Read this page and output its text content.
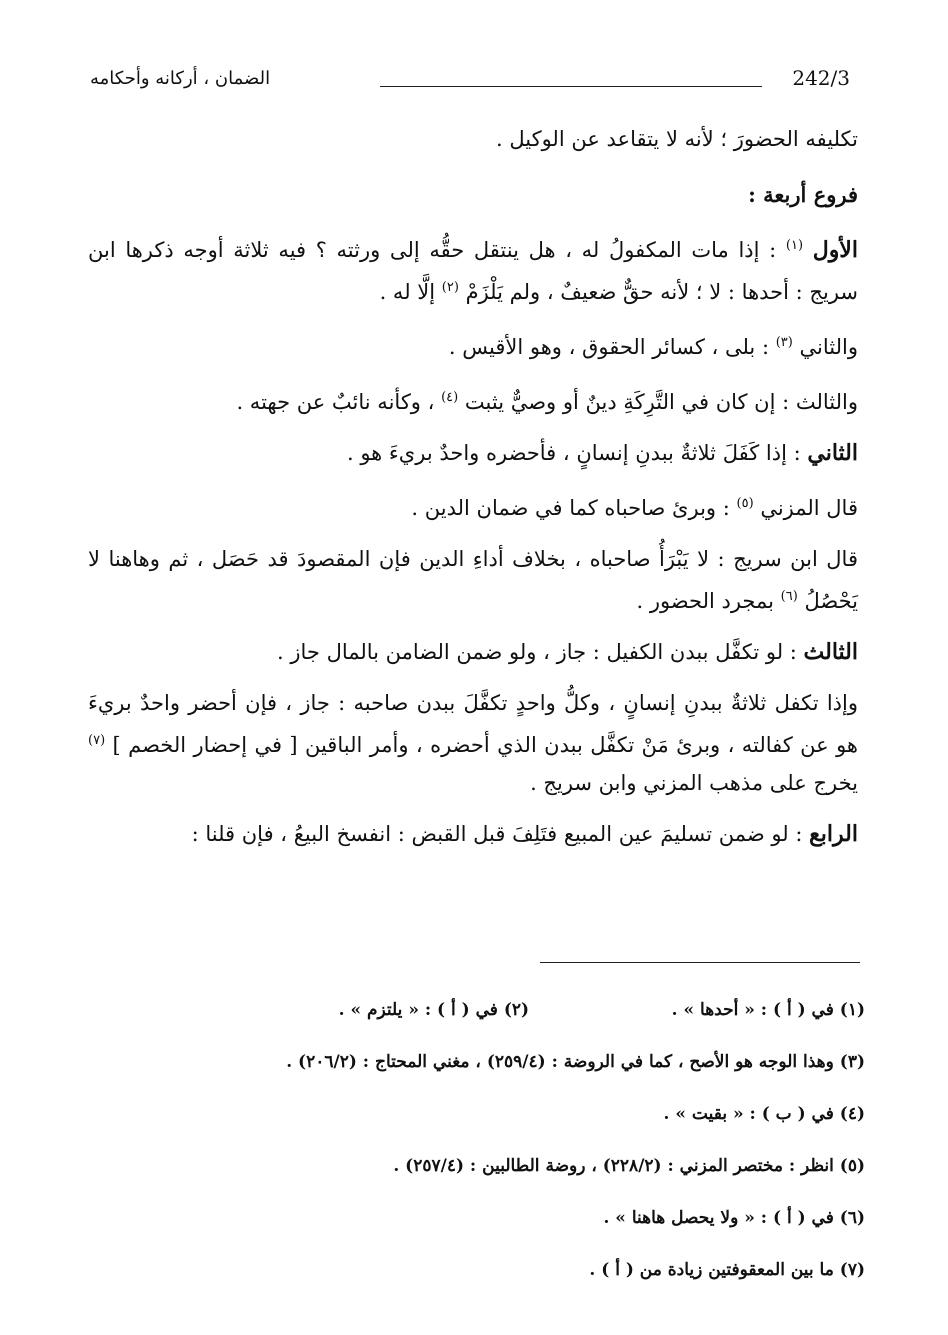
242/3
الضمان ، أركانه وأحكامه

تكليفه الحضورَ ؛ لأنه لا يتقاعد عن الوكيل .

فروع أربعة :

الأول $^{(١)}$ : إذا مات المكفولُ له ، هل ينتقل حقُّه إلى ورثته ؟ فيه ثلاثة أوجه ذكرها ابن سريج : أحدها : لا ؛ لأنه حقٌّ ضعيفٌ ، ولم يَلْزَمْ $^{(٢)}$ إلَّا له .

والثاني $^{(٣)}$ : بلى ، كسائر الحقوق ، وهو الأقيس .

والثالث : إن كان في التَّرِكَةِ دينٌ أو وصيٌّ يثبت $^{(٤)}$ ، وكأنه نائبٌ عن جهته .

الثاني : إذا كَفَلَ ثلاثةٌ ببدنِ إنسانٍ ، فأحضره واحدٌ بريءَ هو .

قال المزني $^{(٥)}$ : وبرئ صاحباه كما في ضمان الدين .

قال ابن سريج : لا يَبْرَأُ صاحباه ، بخلاف أداءِ الدين فإن المقصودَ قد حَصَل ، ثم وهاهنا لا يَحْصُلُ $^{(٦)}$ بمجرد الحضور .

الثالث : لو تكفَّل ببدن الكفيل : جاز ، ولو ضمن الضامن بالمال جاز .

وإذا تكفل ثلاثةٌ ببدنِ إنسانٍ ، وكلُّ واحدٍ تكفَّلَ ببدن صاحبه : جاز ، فإن أحضر واحدٌ بريءَ هو عن كفالته ، وبرئ مَنْ تكفَّل ببدن الذي أحضره ، وأمر الباقين [ في إحضار الخصم ] $^{(٧)}$ يخرج على مذهب المزني وابن سريج .

الرابع : لو ضمن تسليمَ عين المبيع فتَلِفَ قبل القبض : انفسخ البيعُ ، فإن قلنا :

(١) في ( أ ) : « أحدها » . (٢) في ( أ ) : « يلتزم » .
(٣) وهذا الوجه هو الأصح ، كما في الروضة : (٢٥٩/٤) ، مغني المحتاج : (٢٠٦/٢) .
(٤) في ( ب ) : « بقيت » .
(٥) انظر : مختصر المزني : (٢٢٨/٢) ، روضة الطالبين : (٢٥٧/٤) .
(٦) في ( أ ) : « ولا يحصل هاهنا » .
(٧) ما بين المعقوفتين زيادة من ( أ ) .
